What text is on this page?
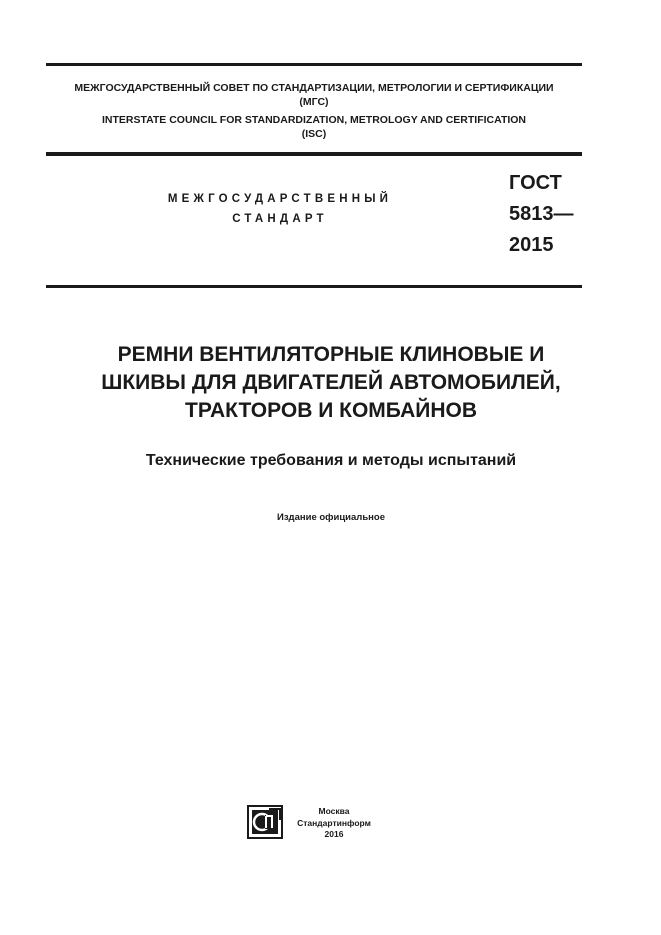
МЕЖГОСУДАРСТВЕННЫЙ СОВЕТ ПО СТАНДАРТИЗАЦИИ, МЕТРОЛОГИИ И СЕРТИФИКАЦИИ
(МГС)
INTERSTATE COUNCIL FOR STANDARDIZATION, METROLOGY AND CERTIFICATION
(ISC)
МЕЖГОСУДАРСТВЕННЫЙ
СТАНДАРТ
ГОСТ
5813—
2015
РЕМНИ ВЕНТИЛЯТОРНЫЕ КЛИНОВЫЕ И
ШКИВЫ ДЛЯ ДВИГАТЕЛЕЙ АВТОМОБИЛЕЙ,
ТРАКТОРОВ И КОМБАЙНОВ
Технические требования и методы испытаний
Издание официальное
Москва
Стандартинформ
2016
